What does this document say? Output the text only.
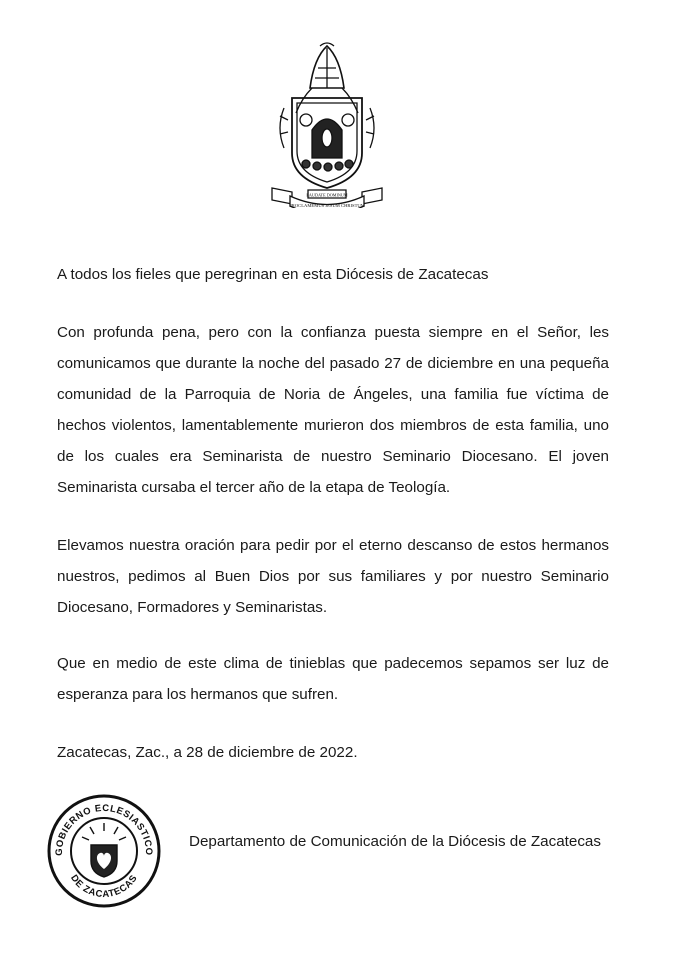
LAUDATE DOMINUM
PROCLAMEMUS JESUM CHRISTUM
A todos los fieles que peregrinan en esta Diócesis de Zacatecas
Con profunda pena, pero con la confianza puesta siempre en el Señor, les comunicamos que durante la noche del pasado 27 de diciembre en una pequeña comunidad de la Parroquia de Noria de Ángeles, una familia fue víctima de hechos violentos, lamentablemente murieron dos miembros de esta familia, uno de los cuales era Seminarista de nuestro Seminario Diocesano. El joven Seminarista cursaba el tercer año de la etapa de Teología.
Elevamos nuestra oración para pedir por el eterno descanso de estos hermanos nuestros, pedimos al Buen Dios por sus familiares y por nuestro Seminario Diocesano, Formadores y Seminaristas.
Que en medio de este clima de tinieblas que padecemos sepamos ser luz de esperanza para los hermanos que sufren.
Zacatecas, Zac., a 28 de diciembre de 2022.
GOBIERNO ECLESIASTICO
DE ZACATECAS
Departamento de Comunicación de la Diócesis de Zacatecas
